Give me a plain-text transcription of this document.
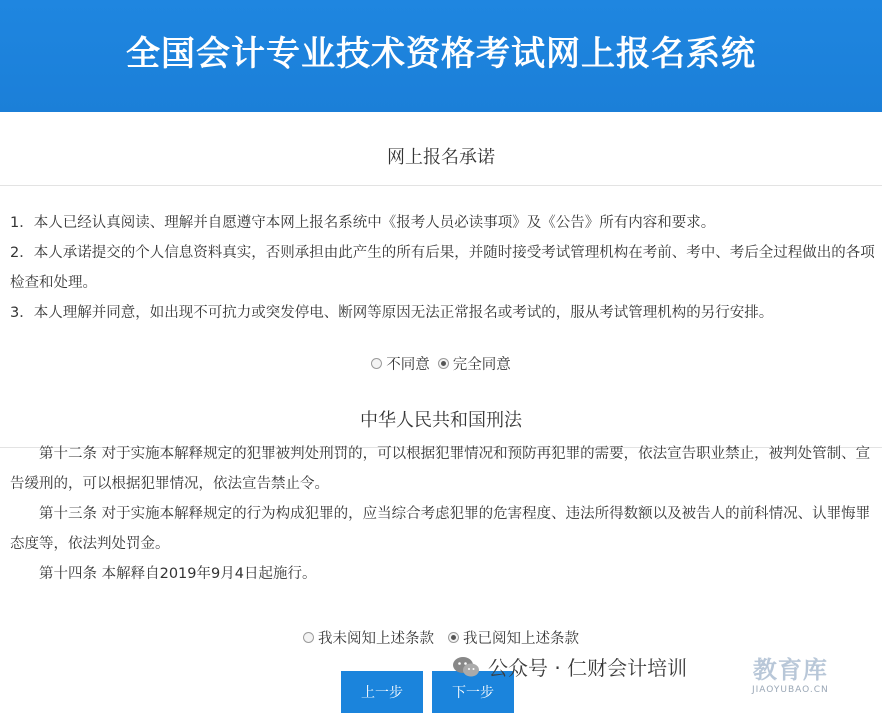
全国会计专业技术资格考试网上报名系统
网上报名承诺

1．本人已经认真阅读、理解并自愿遵守本网上报名系统中《报考人员必读事项》及《公告》所有内容和要求。

2．本人承诺提交的个人信息资料真实，否则承担由此产生的所有后果，并随时接受考试管理机构在考前、考中、考后全过程做出的各项检查和处理。

3．本人理解并同意，如出现不可抗力或突发停电、断网等原因无法正常报名或考试的，服从考试管理机构的另行安排。

不同意 完全同意
中华人民共和国刑法

第十二条 对于实施本解释规定的犯罪被判处刑罚的，可以根据犯罪情况和预防再犯罪的需要，依法宣告职业禁止，被判处管制、宣告缓刑的，可以根据犯罪情况，依法宣告禁止令。

第十三条 对于实施本解释规定的行为构成犯罪的，应当综合考虑犯罪的危害程度、违法所得数额以及被告人的前科情况、认罪悔罪态度等，依法判处罚金。

第十四条 本解释自2019年9月4日起施行。

我未阅知上述条款 我已阅知上述条款
上一步	下一步
公众号 · 仁财会计培训	教育库
JIAOYUBAO.CN
